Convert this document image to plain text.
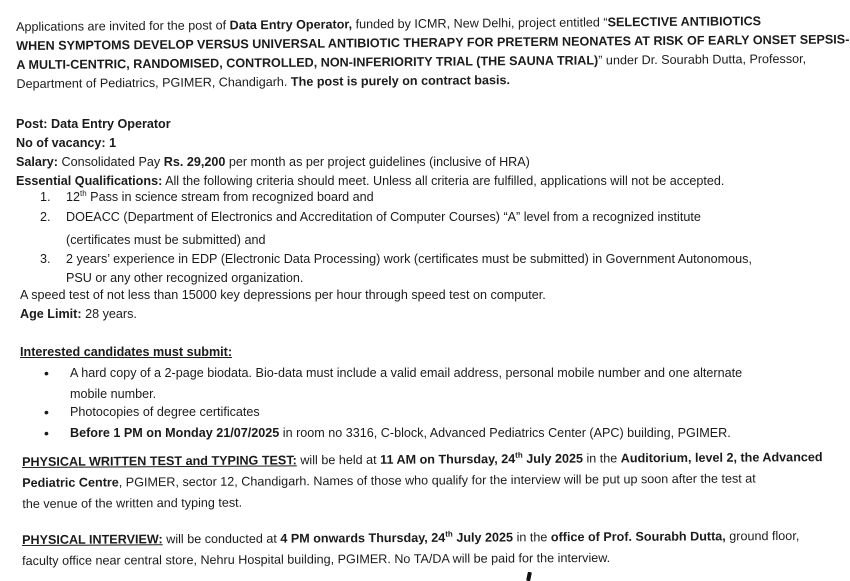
Applications are invited for the post of Data Entry Operator, funded by ICMR, New Delhi, project entitled “SELECTIVE ANTIBIOTICS
WHEN SYMPTOMS DEVELOP VERSUS UNIVERSAL ANTIBIOTIC THERAPY FOR PRETERM NEONATES AT RISK OF EARLY ONSET SEPSIS-
A MULTI-CENTRIC, RANDOMISED, CONTROLLED, NON-INFERIORITY TRIAL (THE SAUNA TRIAL)” under Dr. Sourabh Dutta, Professor,
Department of Pediatrics, PGIMER, Chandigarh. The post is purely on contract basis.
Post: Data Entry Operator
No of vacancy: 1
Salary: Consolidated Pay Rs. 29,200 per month as per project guidelines (inclusive of HRA)
Essential Qualifications: All the following criteria should meet. Unless all criteria are fulfilled, applications will not be accepted.
1.	12th Pass in science stream from recognized board and
2.	DOEACC (Department of Electronics and Accreditation of Computer Courses) “A” level from a recognized institute
(certificates must be submitted) and
3.	2 years’ experience in EDP (Electronic Data Processing) work (certificates must be submitted) in Government Autonomous,
PSU or any other recognized organization.
A speed test of not less than 15000 key depressions per hour through speed test on computer.
Age Limit: 28 years.
Interested candidates must submit:
• A hard copy of a 2-page biodata. Bio-data must include a valid email address, personal mobile number and one alternate
mobile number.
• Photocopies of degree certificates
• Before 1 PM on Monday 21/07/2025 in room no 3316, C-block, Advanced Pediatrics Center (APC) building, PGIMER.
PHYSICAL WRITTEN TEST and TYPING TEST: will be held at 11 AM on Thursday, 24th July 2025 in the Auditorium, level 2, the Advanced
Pediatric Centre, PGIMER, sector 12, Chandigarh. Names of those who qualify for the interview will be put up soon after the test at
the venue of the written and typing test.
PHYSICAL INTERVIEW: will be conducted at 4 PM onwards Thursday, 24th July 2025 in the office of Prof. Sourabh Dutta, ground floor,
faculty office near central store, Nehru Hospital building, PGIMER. No TA/DA will be paid for the interview.
